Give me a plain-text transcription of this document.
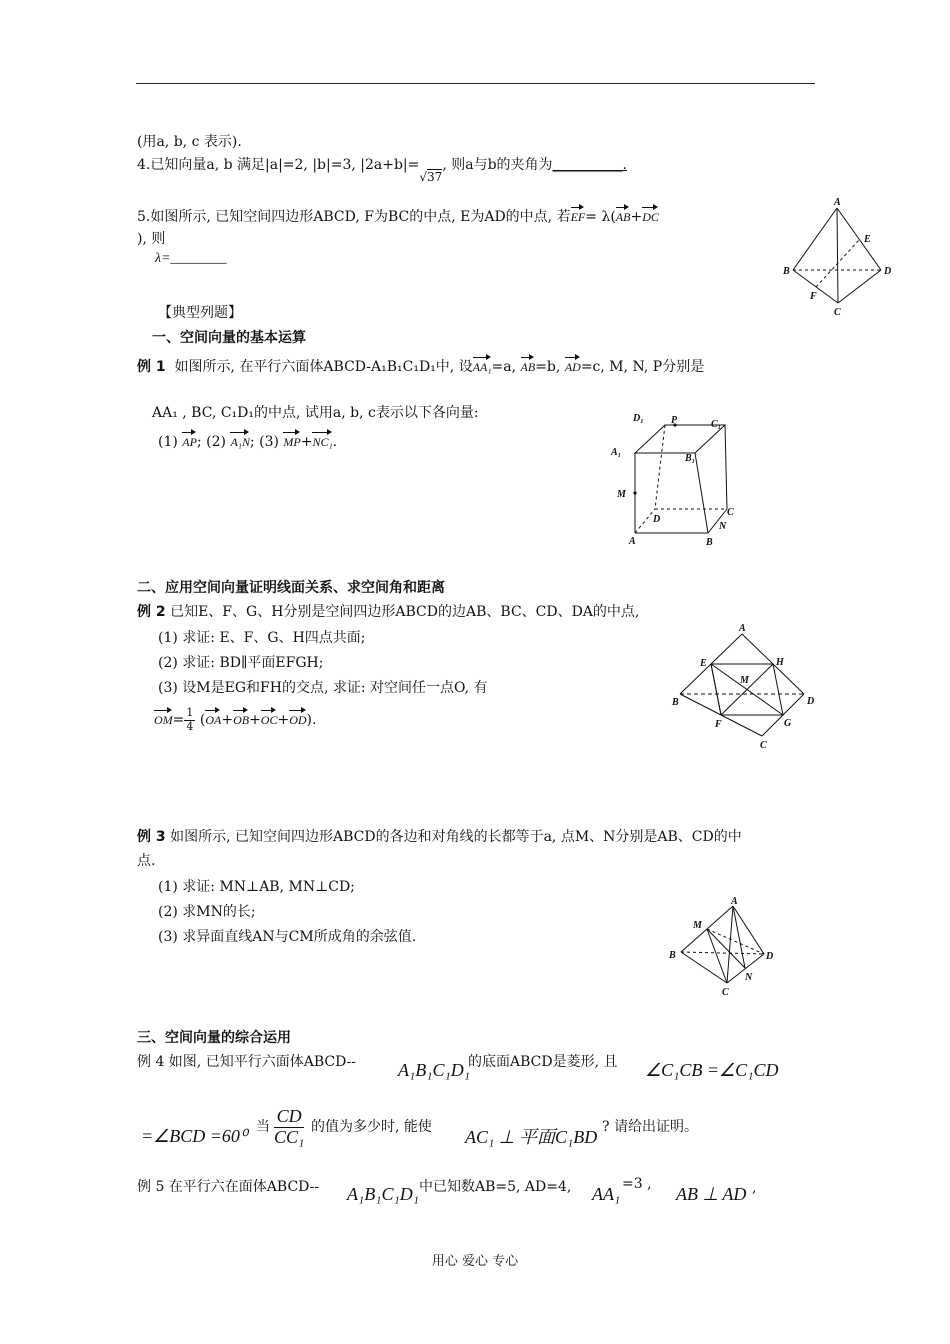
(用a, b, c 表示).
4.已知向量a, b 满足|a|=2, |b|=3, |2a+b|=√37, 则a与b的夹角为__________.
5.如图所示, 已知空间四边形ABCD, F为BC的中点, E为AD的中点, 若EF= λ(AB+DC
), 则
λ=________
A
B
C
D
E
F
【典型列题】
一、空间向量的基本运算
例 1 如图所示, 在平行六面体ABCD-A₁B₁C₁D₁中, 设AA₁=a, AB=b, AD=c, M, N, P分别是
AA₁ , BC, C₁D₁的中点, 试用a, b, c表示以下各向量:
(1) AP; (2) A₁N; (3) MP+NC₁.
D₁	P	C₁
A₁
B₁
M
D
C
N
A	B
二、应用空间向量证明线面关系、求空间角和距离
例 2 已知E、F、G、H分别是空间四边形ABCD的边AB、BC、CD、DA的中点,
(1) 求证: E、F、G、H四点共面;
(2) 求证: BD∥平面EFGH;
(3) 设M是EG和FH的交点, 求证: 对空间任一点O, 有
$OM= \frac{1}{4} (OA+OB+OC+OD)$.
A
B
C
D
E	H
M
F	G
例 3 如图所示, 已知空间四边形ABCD的各边和对角线的长都等于a, 点M、N分别是AB、CD的中
点.
(1) 求证: MN⊥AB, MN⊥CD;
(2) 求MN的长;
(3) 求异面直线AN与CM所成角的余弦值.
A
B
C
D
M
N
三、空间向量的综合运用
例 4 如图, 已知平行六面体ABCD-- A₁B₁C₁D₁
的底面ABCD是菱形, 且 ∠C₁CB =∠C₁CD
=∠BCD =60⁰ 当 $\frac{CD}{\text{CC₁}}$ 的值为多少时, 能使 AC₁ ⊥ 平面C₁BD ? 请给出证明。
例 5 在平行六在面体ABCD-- A₁B₁C₁D₁ 中已知数AB=5, AD=4, AA₁ =3 , AB ⊥ AD ,
用心 爱心 专心
